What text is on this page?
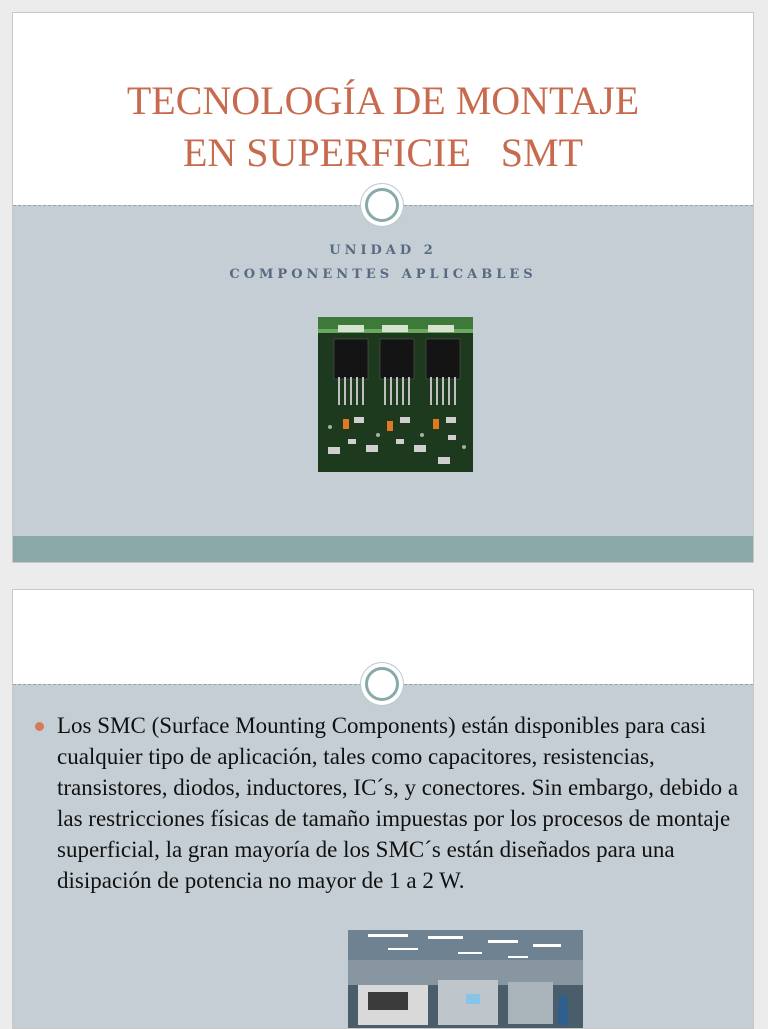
TECNOLOGÍA DE MONTAJE
EN SUPERFICIE   SMT
UNIDAD 2
COMPONENTES APLICABLES
Los SMC (Surface Mounting Components) están disponibles para casi cualquier tipo de aplicación, tales como capacitores, resistencias, transistores, diodos, inductores, IC´s, y conectores. Sin embargo, debido a las restricciones físicas de tamaño impuestas por los procesos de montaje superficial, la gran mayoría de los SMC´s están diseñados para una disipación de potencia no mayor de 1 a 2 W.
